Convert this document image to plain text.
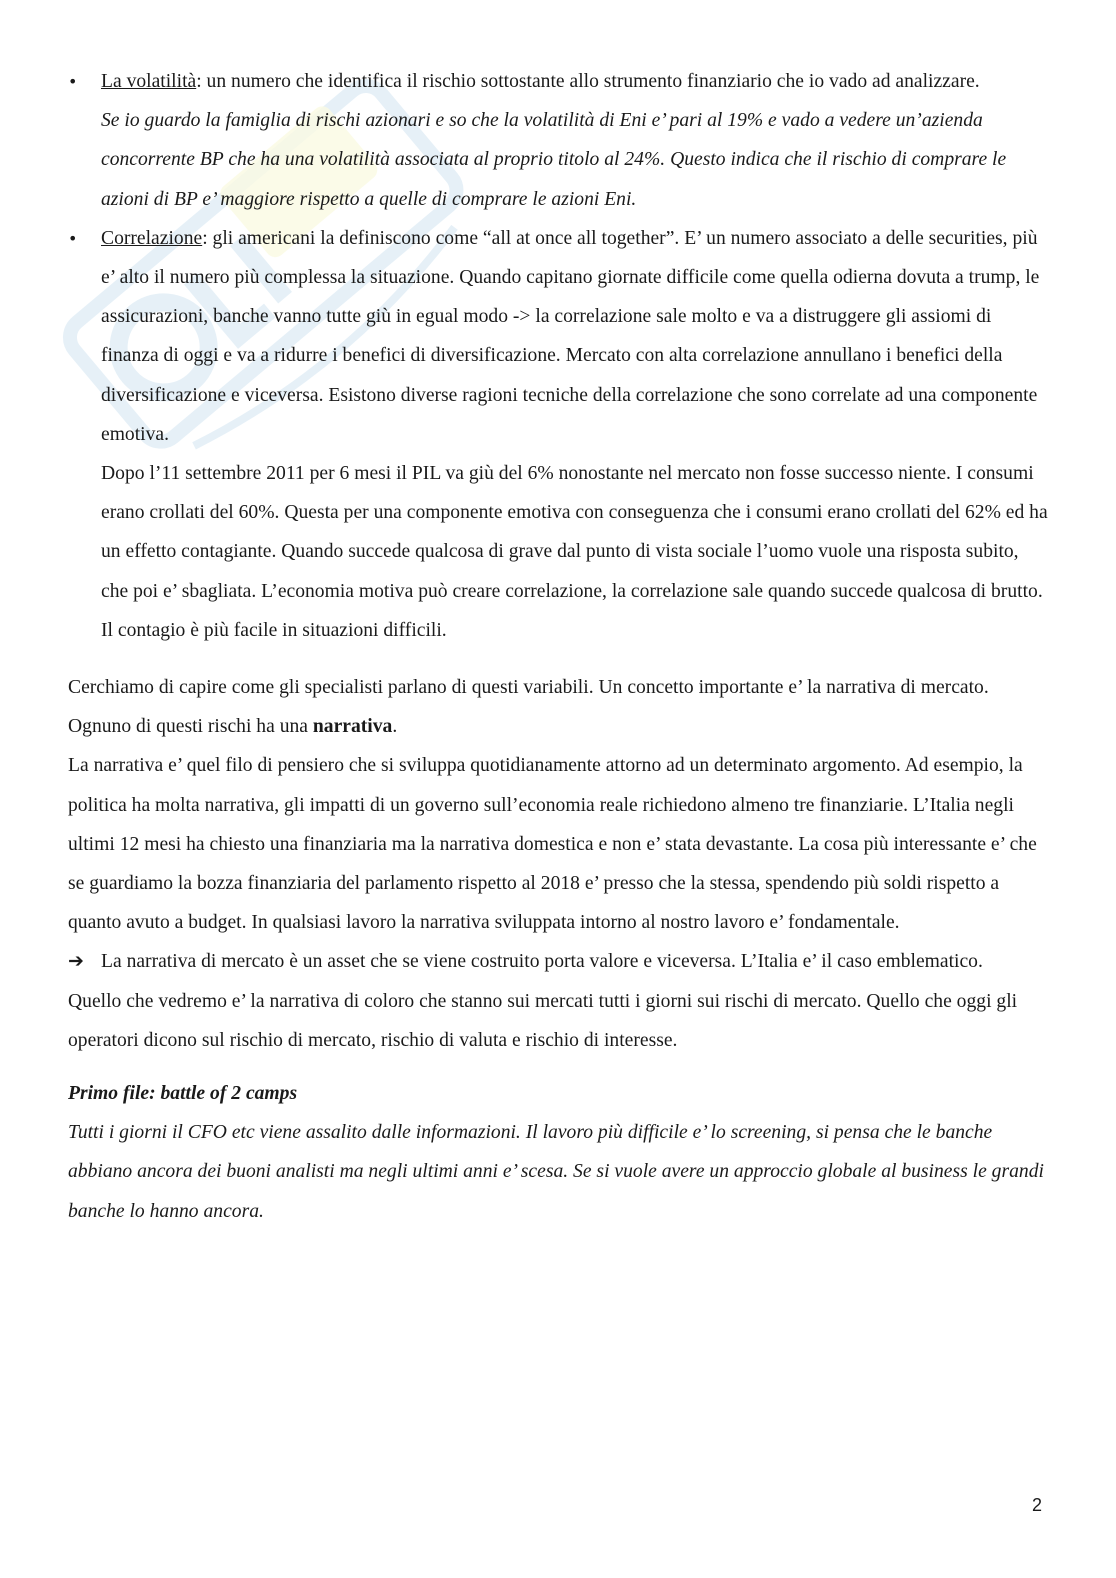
•	La volatilità: un numero che identifica il rischio sottostante allo strumento finanziario che io vado ad analizzare.

Se io guardo la famiglia di rischi azionari e so che la volatilità di Eni e’ pari al 19% e vado a vedere un’azienda concorrente BP che ha una volatilità associata al proprio titolo al 24%. Questo indica che il rischio di comprare le azioni di BP e’ maggiore rispetto a quelle di comprare le azioni Eni.

•	Correlazione: gli americani la definiscono come “all at once all together”. E’ un numero associato a delle securities, più e’ alto il numero più complessa la situazione. Quando capitano giornate difficile come quella odierna dovuta a trump, le assicurazioni, banche vanno tutte giù in egual modo -> la correlazione sale molto e va a distruggere gli assiomi di finanza di oggi e va a ridurre i benefici di diversificazione. Mercato con alta correlazione annullano i benefici della diversificazione e viceversa. Esistono diverse ragioni tecniche della correlazione che sono correlate ad una componente emotiva.

Dopo l’11 settembre 2011 per 6 mesi il PIL va giù del 6% nonostante nel mercato non fosse successo niente. I consumi erano crollati del 60%. Questa per una componente emotiva con conseguenza che i consumi erano crollati del 62% ed ha un effetto contagiante. Quando succede qualcosa di grave dal punto di vista sociale l’uomo vuole una risposta subito, che poi e’ sbagliata. L’economia motiva può creare correlazione, la correlazione sale quando succede qualcosa di brutto. Il contagio è più facile in situazioni difficili.

Cerchiamo di capire come gli specialisti parlano di questi variabili. Un concetto importante e’ la narrativa di mercato. Ognuno di questi rischi ha una narrativa.

La narrativa e’ quel filo di pensiero che si sviluppa quotidianamente attorno ad un determinato argomento. Ad esempio, la politica ha molta narrativa, gli impatti di un governo sull’economia reale richiedono almeno tre finanziarie. L’Italia negli ultimi 12 mesi ha chiesto una finanziaria ma la narrativa domestica e non e’ stata devastante. La cosa più interessante e’ che se guardiamo la bozza finanziaria del parlamento rispetto al 2018 e’ presso che la stessa, spendendo più soldi rispetto a quanto avuto a budget. In qualsiasi lavoro la narrativa sviluppata intorno al nostro lavoro e’ fondamentale.

➔ La narrativa di mercato è un asset che se viene costruito porta valore e viceversa. L’Italia e’ il caso emblematico.

Quello che vedremo e’ la narrativa di coloro che stanno sui mercati tutti i giorni sui rischi di mercato. Quello che oggi gli operatori dicono sul rischio di mercato, rischio di valuta e rischio di interesse.

Primo file: battle of 2 camps

Tutti i giorni il CFO etc viene assalito dalle informazioni. Il lavoro più difficile e’ lo screening, si pensa che le banche abbiano ancora dei buoni analisti ma negli ultimi anni e’ scesa. Se si vuole avere un approccio globale al business le grandi banche lo hanno ancora.

2
